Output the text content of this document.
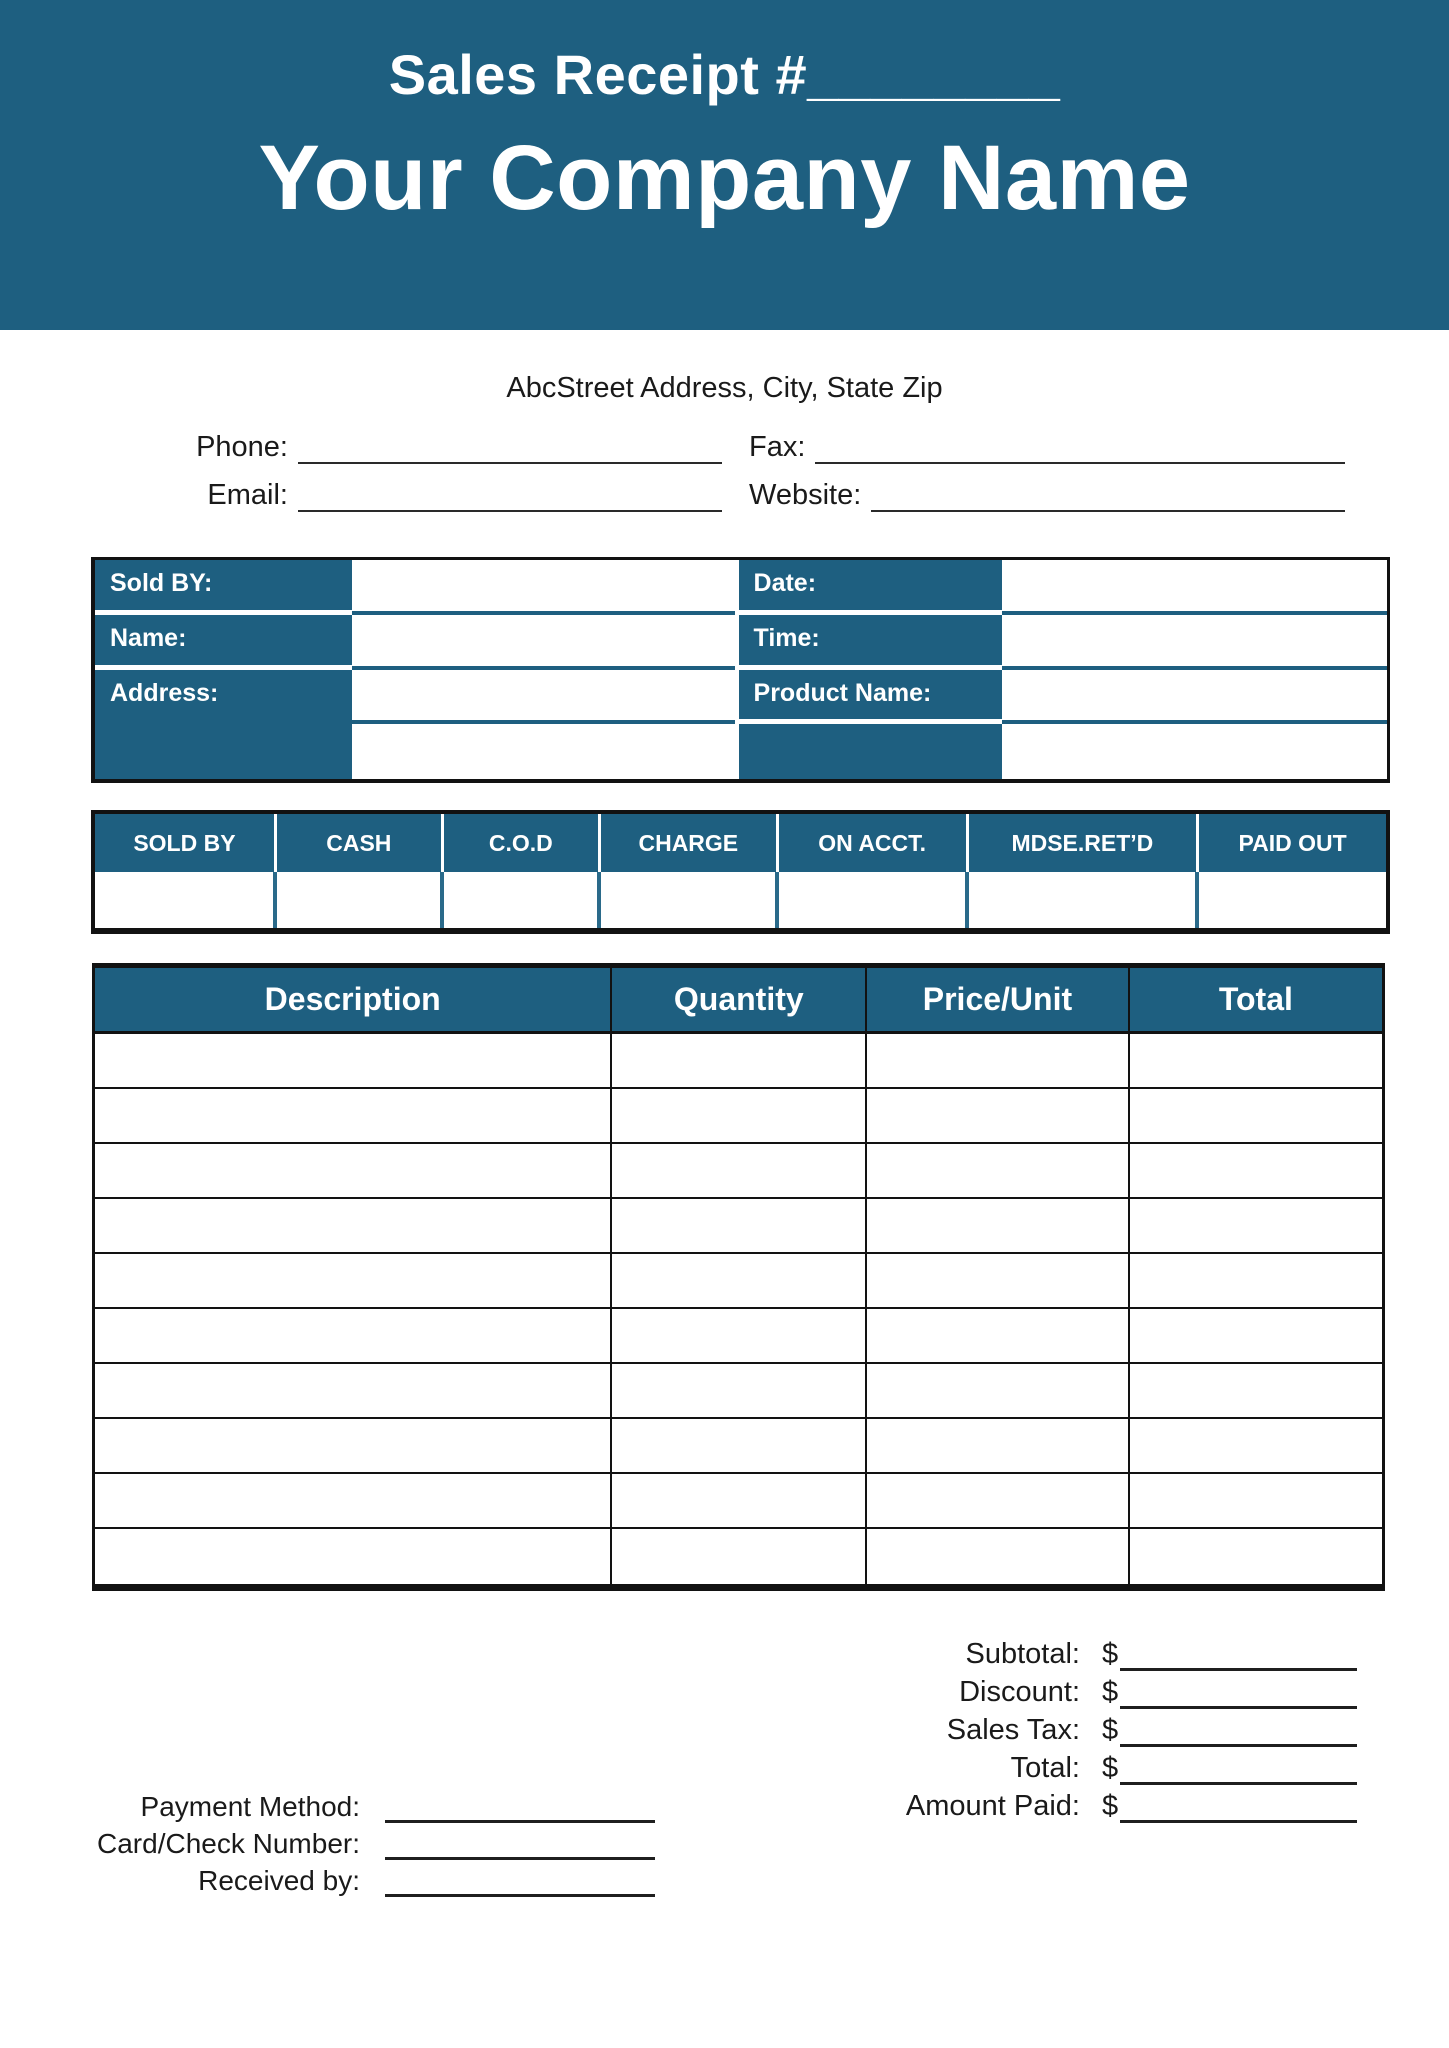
Sales Receipt #________
Your Company Name
AbcStreet Address, City, State Zip
Phone:	Fax:
Email:	Website:
Sold BY:	Date:
Name:	Time:
Address:	Product Name:
SOLD BY	CASH	C.O.D	CHARGE	ON ACCT.	MDSE.RET’D	PAID OUT
Description	Quantity	Price/Unit	Total
Subtotal: $
Discount: $
Sales Tax: $
Total: $
Amount Paid: $
Payment Method:
Card/Check Number:
Received by:
